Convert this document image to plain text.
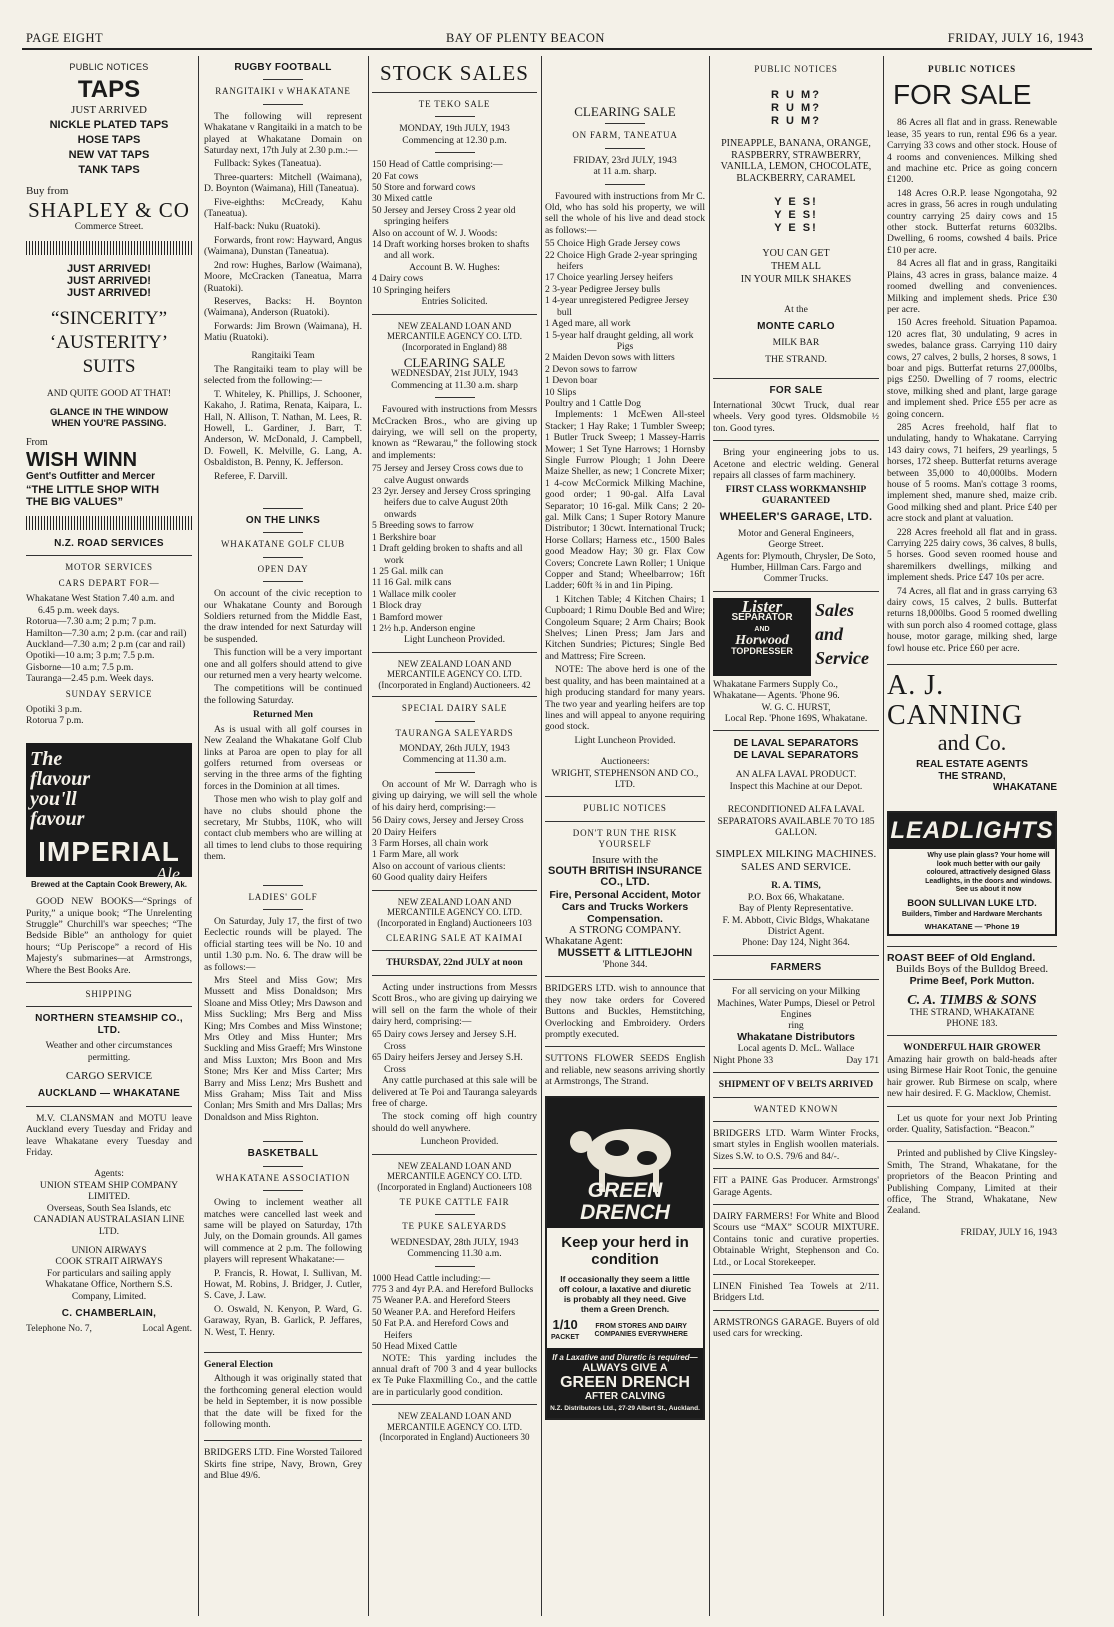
PAGE EIGHT	BAY OF PLENTY BEACON	FRIDAY, JULY 16, 1943
PUBLIC NOTICES
TAPS
JUST ARRIVED
NICKLE PLATED TAPS
HOSE TAPS
NEW VAT TAPS
TANK TAPS
Buy from
SHAPLEY & CO
Commerce Street.
JUST ARRIVED!
JUST ARRIVED!
JUST ARRIVED!
“SINCERITY”
‘AUSTERITY’
SUITS
AND QUITE GOOD AT THAT!
GLANCE IN THE WINDOW WHEN YOU'RE PASSING.
From
WISH WINN
Gent's Outfitter and Mercer
“THE LITTLE SHOP WITH
THE BIG VALUES”
N.Z. ROAD SERVICES
MOTOR SERVICES
CARS DEPART FOR—
Whakatane West Station 7.40 a.m. and 6.45 p.m. week days.
Rotorua—7.30 a.m; 2 p.m; 7 p.m.
Hamilton—7.30 a.m; 2 p.m. (car and rail)
Auckland—7.30 a.m; 2 p.m (car and rail)
Opotiki—10 a.m; 3 p.m; 7.5 p.m.
Gisborne—10 a.m; 7.5 p.m.
Tauranga—2.45 p.m. Week days.
SUNDAY SERVICE
Opotiki 3 p.m.
Rotorua 7 p.m.
The flavour you'll favour
IMPERIAL
Ale
Brewed at the Captain Cook Brewery, Ak.

GOOD NEW BOOKS—“Springs of Purity,” a unique book; “The Unrelenting Struggle” Churchill's war speeches; “The Bedside Bible” an anthology for quiet hours; “Up Periscope” a record of His Majesty's submarines—at Armstrongs, Where the Best Books Are.

SHIPPING
NORTHERN STEAMSHIP CO., LTD.
Weather and other circumstances permitting.
CARGO SERVICE
AUCKLAND — WHAKATANE

M.V. CLANSMAN and MOTU leave Auckland every Tuesday and Friday and leave Whakatane every Tuesday and Friday.

Agents:
UNION STEAM SHIP COMPANY LIMITED.
Overseas, South Sea Islands, etc
CANADIAN AUSTRALASIAN LINE LTD.
UNION AIRWAYS
COOK STRAIT AIRWAYS
For particulars and sailing apply Whakatane Office, Northern S.S. Company, Limited.
C. CHAMBERLAIN,
Telephone No. 7,	Local Agent.
RUGBY FOOTBALL
RANGITAIKI v WHAKATANE

The following will represent Whakatane v Rangitaiki in a match to be played at Whakatane Domain on Saturday next, 17th July at 2.30 p.m.:—

Fullback: Sykes (Taneatua).

Three-quarters: Mitchell (Waimana), D. Boynton (Waimana), Hill (Taneatua).

Five-eighths: McCready, Kahu (Taneatua).

Half-back: Nuku (Ruatoki).

Forwards, front row: Hayward, Angus (Waimana), Dunstan (Taneatua).

2nd row: Hughes, Barlow (Waimana), Moore, McCracken (Taneatua, Marra (Ruatoki).

Reserves, Backs: H. Boynton (Waimana), Anderson (Ruatoki).

Forwards: Jim Brown (Waimana), H. Matiu (Ruatoki).

Rangitaiki Team

The Rangitaiki team to play will be selected from the following:—

T. Whiteley, K. Phillips, J. Schooner, Kakaho, J. Ratima, Renata, Kaipara, L. Hall, N. Allison, T. Nathan, M. Lees, R. Howell, L. Gardiner, J. Barr, T. Anderson, W. McDonald, J. Campbell, D. Fowell, K. Melville, G. Lang, A. Osbaldiston, B. Penny, K. Jefferson.

Referee, F. Darvill.

ON THE LINKS
WHAKATANE GOLF CLUB
OPEN DAY

On account of the civic reception to our Whakatane County and Borough Soldiers returned from the Middle East, the draw intended for next Saturday will be suspended.

This function will be a very important one and all golfers should attend to give our returned men a very hearty welcome.

The competitions will be continued the following Saturday.

Returned Men

As is usual with all golf courses in New Zealand the Whakatane Golf Club links at Paroa are open to play for all golfers returned from overseas or serving in the three arms of the fighting forces in the Dominion at all times.

Those men who wish to play golf and have no clubs should phone the secretary, Mr Stubbs, 110K, who will contact club members who are willing at all times to lend clubs to those requiring them.

LADIES' GOLF

On Saturday, July 17, the first of two Eeclectic rounds will be played. The official starting tees will be No. 10 and until 1.30 p.m. No. 6. The draw will be as follows:—

Mrs Steel and Miss Gow; Mrs Mussett and Miss Donaldson; Mrs Sloane and Miss Otley; Mrs Dawson and Miss Suckling; Mrs Berg and Miss King; Mrs Combes and Miss Winstone; Mrs Otley and Miss Hunter; Mrs Suckling and Miss Graeff; Mrs Winstone and Miss Luxton; Mrs Boon and Mrs Stone; Mrs Ker and Miss Carter; Mrs Barry and Miss Lenz; Mrs Bushett and Miss Graham; Miss Tait and Miss Conlan; Mrs Smith and Mrs Dallas; Mrs Donaldson and Miss Righton.

BASKETBALL
WHAKATANE ASSOCIATION

Owing to inclement weather all matches were cancelled last week and same will be played on Saturday, 17th July, on the Domain grounds. All games will commence at 2 p.m. The following players will represent Whakatane:—

P. Francis, R. Howat, I. Sullivan, M. Howat, M. Robins, J. Bridger, J. Cutler, S. Cave, J. Law.

O. Oswald, N. Kenyon, P. Ward, G. Garaway, Ryan, B. Garlick, P. Jeffares, N. West, T. Henry.

General Election

Although it was originally stated that the forthcoming general election would be held in September, it is now possible that the date will be fixed for the following month.

BRIDGERS LTD. Fine Worsted Tailored Skirts fine stripe, Navy, Brown, Grey and Blue 49/6.

STOCK SALES
TE TEKO SALE
MONDAY, 19th JULY, 1943
Commencing at 12.30 p.m.
150 Head of Cattle comprising:—
20 Fat cows
50 Store and forward cows
30 Mixed cattle
50 Jersey and Jersey Cross 2 year old springing heifers
Also on account of W. J. Woods:
14 Draft working horses broken to shafts and all work.
Account B. W. Hughes:
4 Dairy cows
10 Springing heifers
Entries Solicited.
NEW ZEALAND LOAN AND MERCANTILE AGENCY CO. LTD. (Incorporated in England) 88
CLEARING SALE
WEDNESDAY, 21st JULY, 1943
Commencing at 11.30 a.m. sharp

Favoured with instructions from Messrs McCracken Bros., who are giving up dairying, we will sell on the property, known as “Rewarau,” the following stock and implements:

75 Jersey and Jersey Cross cows due to calve August onwards
23 2yr. Jersey and Jersey Cross springing heifers due to calve August 20th onwards
5 Breeding sows to farrow
1 Berkshire boar
1 Draft gelding broken to shafts and all work
1 25 Gal. milk can
11 16 Gal. milk cans
1 Wallace milk cooler
1 Block dray
1 Bamford mower
1 2½ h.p. Anderson engine
Light Luncheon Provided.
NEW ZEALAND LOAN AND MERCANTILE AGENCY CO. LTD. (Incorporated in England) Auctioneers. 42
SPECIAL DAIRY SALE
TAURANGA SALEYARDS
MONDAY, 26th JULY, 1943
Commencing at 11.30 a.m.

On account of Mr W. Darragh who is giving up dairying, we will sell the whole of his dairy herd, comprising:—

56 Dairy cows, Jersey and Jersey Cross
20 Dairy Heifers
3 Farm Horses, all chain work
1 Farm Mare, all work
Also on account of various clients:
60 Good quality dairy Heifers
NEW ZEALAND LOAN AND MERCANTILE AGENCY CO. LTD. (Incorporated in England) Auctioneers 103
CLEARING SALE AT KAIMAI
THURSDAY, 22nd JULY at noon

Acting under instructions from Messrs Scott Bros., who are giving up dairying we will sell on the farm the whole of their dairy herd, comprising:—

65 Dairy cows Jersey and Jersey S.H. Cross
65 Dairy heifers Jersey and Jersey S.H. Cross

Any cattle purchased at this sale will be delivered at Te Poi and Tauranga saleyards free of charge.

The stock coming off high country should do well anywhere.

Luncheon Provided.

NEW ZEALAND LOAN AND MERCANTILE AGENCY CO. LTD. (Incorporated in England) Auctioneers 108
TE PUKE CATTLE FAIR
TE PUKE SALEYARDS
WEDNESDAY, 28th JULY, 1943
Commencing 11.30 a.m.
1000 Head Cattle including:—
775 3 and 4yr P.A. and Hereford Bullocks
75 Weaner P.A. and Hereford Steers
50 Weaner P.A. and Hereford Heifers
50 Fat P.A. and Hereford Cows and Heifers
50 Head Mixed Cattle

NOTE: This yarding includes the annual draft of 700 3 and 4 year bullocks ex Te Puke Flaxmilling Co., and the cattle are in particularly good condition.

NEW ZEALAND LOAN AND MERCANTILE AGENCY CO. LTD. (Incorporated in England) Auctioneers 30
CLEARING SALE
ON FARM, TANEATUA
FRIDAY, 23rd JULY, 1943
at 11 a.m. sharp.

Favoured with instructions from Mr C. Old, who has sold his property, we will sell the whole of his live and dead stock as follows:—

55 Choice High Grade Jersey cows
22 Choice High Grade 2-year springing heifers
17 Choice yearling Jersey heifers
2 3-year Pedigree Jersey bulls
1 4-year unregistered Pedigree Jersey bull
1 Aged mare, all work
1 5-year half draught gelding, all work
Pigs
2 Maiden Devon sows with litters
2 Devon sows to farrow
1 Devon boar
10 Slips
Poultry and 1 Cattle Dog

Implements: 1 McEwen All-steel Stacker; 1 Hay Rake; 1 Tumbler Sweep; 1 Butler Truck Sweep; 1 Massey-Harris Mower; 1 Set Tyne Harrows; 1 Hornsby Single Furrow Plough; 1 John Deere Maize Sheller, as new; 1 Concrete Mixer; 1 4-cow McCormick Milking Machine, good order; 1 90-gal. Alfa Laval Separator; 10 16-gal. Milk Cans; 2 20-gal. Milk Cans; 1 Super Rotory Manure Distributor; 1 30cwt. International Truck; Horse Collars; Harness etc., 1500 Bales good Meadow Hay; 30 gr. Flax Cow Covers; Concrete Lawn Roller; 1 Unique Copper and Stand; Wheelbarrow; 16ft Ladder; 60ft ¾ in and 1in Piping.

1 Kitchen Table; 4 Kitchen Chairs; 1 Cupboard; 1 Rimu Double Bed and Wire; Congoleum Square; 2 Arm Chairs; Book Shelves; Linen Press; Jam Jars and Kitchen Sundries; Pictures; Single Bed and Mattress; Fire Screen.

NOTE: The above herd is one of the best quality, and has been maintained at a high producing standard for many years. The two year and yearling heifers are top lines and will appeal to anyone requiring good stock.

Light Luncheon Provided.
Auctioneers:
WRIGHT, STEPHENSON AND CO., LTD.
PUBLIC NOTICES
DON'T RUN THE RISK YOURSELF
Insure with the
SOUTH BRITISH INSURANCE CO., LTD.
Fire, Personal Accident, Motor Cars and Trucks Workers Compensation.
A STRONG COMPANY.
Whakatane Agent:
MUSSETT & LITTLEJOHN
'Phone 344.

BRIDGERS LTD. wish to announce that they now take orders for Covered Buttons and Buckles, Hemstitching, Overlocking and Embroidery. Orders promptly executed.

SUTTONS FLOWER SEEDS English and reliable, new seasons arriving shortly at Armstrongs, The Strand.

GREEN DRENCH
Keep your herd in condition
If occasionally they seem a little off colour, a laxative and diuretic is probably all they need. Give them a Green Drench.
1/10
PACKET
FROM STORES AND DAIRY COMPANIES EVERYWHERE
If a Laxative and Diuretic is required—
ALWAYS GIVE A
GREEN DRENCH
AFTER CALVING
N.Z. Distributors Ltd., 27-29 Albert St., Auckland.
PUBLIC NOTICES
R U M?
R U M?
R U M?
PINEAPPLE, BANANA, ORANGE, RASPBERRY, STRAWBERRY, VANILLA, LEMON, CHOCOLATE, BLACKBERRY, CARAMEL
Y E S!
Y E S!
Y E S!
YOU CAN GET
THEM ALL
IN YOUR MILK SHAKES
At the
MONTE CARLO
MILK BAR
THE STRAND.
FOR SALE

International 30cwt Truck, dual rear wheels. Very good tyres. Oldsmobile ½ ton. Good tyres.

Bring your engineering jobs to us. Acetone and electric welding. General repairs all classes of farm machinery.

FIRST CLASS WORKMANSHIP GUARANTEED
WHEELER'S GARAGE, LTD.
Motor and General Engineers,
George Street.
Agents for: Plymouth, Chrysler, De Soto, Humber, Hillman Cars. Fargo and Commer Trucks.
Lister
SEPARATOR
AND
Horwood
TOPDRESSER
Sales and Service
Whakatane Farmers Supply Co., Whakatane— Agents. 'Phone 96.
W. G. C. HURST,
Local Rep. 'Phone 169S, Whakatane.
DE LAVAL SEPARATORS
DE LAVAL SEPARATORS
AN ALFA LAVAL PRODUCT.
Inspect this Machine at our Depot.
RECONDITIONED ALFA LAVAL SEPARATORS AVAILABLE 70 TO 185 GALLON.
SIMPLEX MILKING MACHINES. SALES AND SERVICE.
R. A. TIMS,
P.O. Box 66, Whakatane.
Bay of Plenty Representative.
F. M. Abbott, Civic Bldgs, Whakatane District Agent.
Phone: Day 124, Night 364.
FARMERS
For all servicing on your Milking Machines, Water Pumps, Diesel or Petrol Engines
ring
Whakatane Distributors
Local agents D. McL. Wallace
Night Phone 33	Day 171
SHIPMENT OF V BELTS ARRIVED
WANTED KNOWN

BRIDGERS LTD. Warm Winter Frocks, smart styles in English woollen materials. Sizes S.W. to O.S. 79/6 and 84/-.

FIT a PAINE Gas Producer. Armstrongs' Garage Agents.

DAIRY FARMERS! For White and Blood Scours use “MAX” SCOUR MIXTURE. Contains tonic and curative properties. Obtainable Wright, Stephenson and Co. Ltd., or Local Storekeeper.

LINEN Finished Tea Towels at 2/11. Bridgers Ltd.

ARMSTRONGS GARAGE. Buyers of old used cars for wrecking.

PUBLIC NOTICES
FOR SALE

86 Acres all flat and in grass. Renewable lease, 35 years to run, rental £96 6s a year. Carrying 33 cows and other stock. House of 4 rooms and conveniences. Milking shed and machine etc. Price as going concern £1200.

148 Acres O.R.P. lease Ngongotaha, 92 acres in grass, 56 acres in rough undulating country carrying 25 dairy cows and 15 other stock. Butterfat returns 6032lbs. Dwelling, 6 rooms, cowshed 4 bails. Price £10 per acre.

84 Acres all flat and in grass, Rangitaiki Plains, 43 acres in grass, balance maize. 4 roomed dwelling and conveniences. Milking and implement sheds. Price £30 per acre.

150 Acres freehold. Situation Papamoa. 120 acres flat, 30 undulating, 9 acres in swedes, balance grass. Carrying 110 dairy cows, 27 calves, 2 bulls, 2 horses, 8 sows, 1 boar and pigs. Butterfat returns 27,000lbs, pigs £250. Dwelling of 7 rooms, electric stove, milking shed and plant, large garage and implement shed. Price £55 per acre as going concern.

285 Acres freehold, half flat to undulating, handy to Whakatane. Carrying 143 dairy cows, 71 heifers, 29 yearlings, 5 horses, 172 sheep. Butterfat returns average between 35,000 to 40,000lbs. Modern house of 5 rooms. Man's cottage 3 rooms, implement shed, manure shed, maize crib. Good milking shed and plant. Price £40 per acre stock and plant at valuation.

228 Acres freehold all flat and in grass. Carrying 225 dairy cows, 36 calves, 8 bulls, 5 horses. Good seven roomed house and sharemilkers dwellings, milking and implement sheds. Price £47 10s per acre.

74 Acres, all flat and in grass carrying 63 dairy cows, 15 calves, 2 bulls. Butterfat returns 18,000lbs. Good 5 roomed dwelling with sun porch also 4 roomed cottage, glass house, motor garage, milking shed, large fowl house etc. Price £60 per acre.

A. J. CANNING
and Co.
REAL ESTATE AGENTS
THE STRAND,
WHAKATANE
LEADLIGHTS
Why use plain glass? Your home will look much better with our gaily coloured, attractively designed Glass Leadlights, in the doors and windows. See us about it now
BOON SULLIVAN LUKE LTD.
Builders, Timber and Hardware Merchants
WHAKATANE — 'Phone 19
ROAST BEEF of Old England.
Builds Boys of the Bulldog Breed.
Prime Beef, Pork Mutton.
C. A. TIMBS & SONS
THE STRAND, WHAKATANE
PHONE 183.
WONDERFUL HAIR GROWER

Amazing hair growth on bald-heads after using Birmese Hair Root Tonic, the genuine hair grower. Rub Birmese on scalp, where new hair desired. F. G. Macklow, Chemist.

Let us quote for your next Job Printing order. Quality, Satisfaction. “Beacon.”

Printed and published by Clive Kingsley-Smith, The Strand, Whakatane, for the proprietors of the Beacon Printing and Publishing Company, Limited at their office, The Strand, Whakatane, New Zealand.

FRIDAY, JULY 16, 1943
